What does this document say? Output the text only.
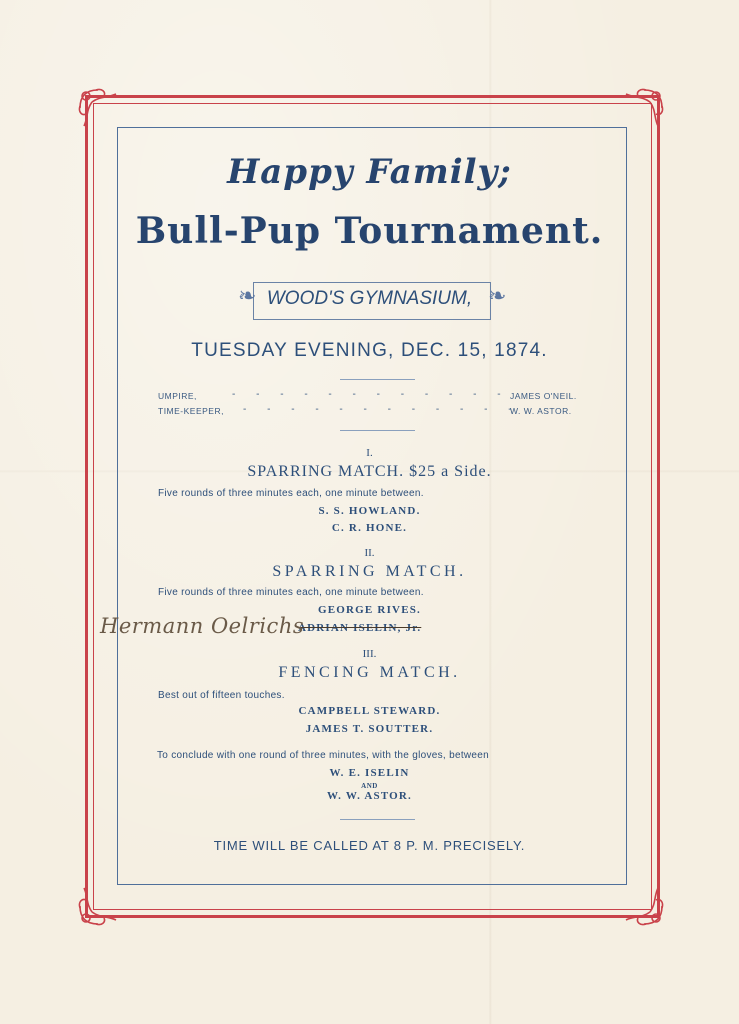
Happy Family;
Bull-Pup Tournament.
❧	❧
WOOD'S GYMNASIUM,
TUESDAY EVENING, DEC. 15, 1874.
UMPIRE,	- - - - - - - - - - - - JAMES O'NEIL.
TIME-KEEPER, - - - - - - - - - - - -
W. W. ASTOR.
I.
SPARRING MATCH. $25 a Side.
Five rounds of three minutes each, one minute between.
S. S. HOWLAND.
C. R. HONE.
II.
SPARRING MATCH.
Five rounds of three minutes each, one minute between.
GEORGE RIVES.
ADRIAN ISELIN, Jr.
Hermann Oelrichs
III.
FENCING MATCH.
Best out of fifteen touches.
CAMPBELL STEWARD.
JAMES T. SOUTTER.
To conclude with one round of three minutes, with the gloves, between
W. E. ISELIN
AND
W. W. ASTOR.
TIME WILL BE CALLED AT 8 P. M. PRECISELY.
